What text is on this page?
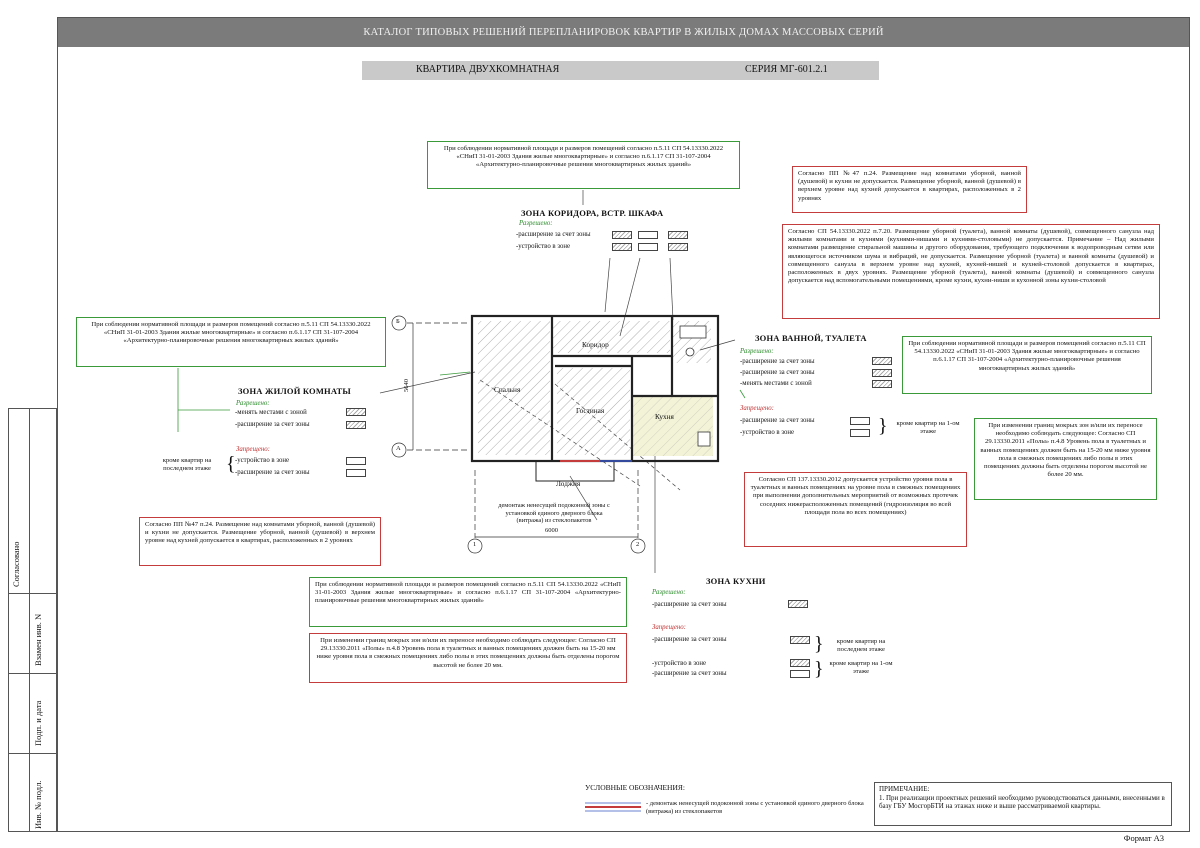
Согласовано
Взамен инв. N
Подп. и дата
Инв. № подл.
КАТАЛОГ ТИПОВЫХ РЕШЕНИЙ ПЕРЕПЛАНИРОВОК КВАРТИР В ЖИЛЫХ ДОМАХ МАССОВЫХ СЕРИЙ
КВАРТИРА ДВУХКОМНАТНАЯ	СЕРИЯ МГ-601.2.1
При соблюдении нормативной площади и размеров помещений согласно п.5.11 СП 54.13330.2022 «СНиП 31-01-2003 Здания жилые многоквартирные» и согласно п.6.1.17 СП 31-107-2004 «Архитектурно-планировочные решения многоквартирных жилых зданий»
Согласно ПП №47 п.24. Размещение над комнатами уборной, ванной (душевой) и кухни не допускается. Размещение уборной, ванной (душевой) в верхнем уровне над кухней допускается в квартирах, расположенных в 2 уровнях
Согласно СП 54.13330.2022 п.7.20. Размещение уборной (туалета), ванной комнаты (душевой), совмещенного санузла над жилыми комнатами и кухнями (кухнями-нишами и кухнями-столовыми) не допускается. Примечание – Над жилыми комнатами размещение стиральной машины и другого оборудования, требующего подключения к водопроводным сетям или являющегося источником шума и вибраций, не допускается. Размещение уборной (туалета) и ванной комнаты (душевой) и совмещенного санузла в верхнем уровне над кухней, кухней-нишей и кухней-столовой допускается в квартирах, расположенных в двух уровнях. Размещение уборной (туалета), ванной комнаты (душевой) и совмещенного санузла допускается над вспомогательными помещениями, кроме кухни, кухни-ниши и кухонной зоны кухни-столовой
При соблюдении нормативной площади и размеров помещений согласно п.5.11 СП 54.13330.2022 «СНиП 31-01-2003 Здания жилые многоквартирные» и согласно п.6.1.17 СП 31-107-2004 «Архитектурно-планировочные решения многоквартирных жилых зданий»	При соблюдении нормативной площади и размеров помещений согласно п.5.11 СП 54.13330.2022 «СНиП 31-01-2003 Здания жилые многоквартирные» и согласно п.6.1.17 СП 31-107-2004 «Архитектурно-планировочные решения многоквартирных жилых зданий»
При изменении границ мокрых зон и/или их переносе необходимо соблюдать следующее: Согласно СП 29.13330.2011 «Полы» п.4.8 Уровень пола в туалетных и ванных помещениях должен быть на 15-20 мм ниже уровня пола в смежных помещениях либо полы в этих помещениях должны быть отделены порогом высотой не более 20 мм.
Согласно СП 137.13330.2012 допускается устройство уровня пола в туалетных и ванных помещениях на уровне пола в смежных помещениях при выполнении дополнительных мероприятий от возможных протечек соседних нижерасположенных помещений (гидроизоляция во всей площади пола во всех помещениях)
Согласно ПП №47 п.24. Размещение над комнатами уборной, ванной (душевой) и кухни не допускается. Размещение уборной, ванной (душевой) в верхнем уровне над кухней допускается в квартирах, расположенных в 2 уровнях
При соблюдении нормативной площади и размеров помещений согласно п.5.11 СП 54.13330.2022 «СНиП 31-01-2003 Здания жилые многоквартирные» и согласно п.6.1.17 СП 31-107-2004 «Архитектурно-планировочные решения многоквартирных жилых зданий»
При изменении границ мокрых зон и/или их переносе необходимо соблюдать следующее: Согласно СП 29.13330.2011 «Полы» п.4.8 Уровень пола в туалетных и ванных помещениях должен быть на 15-20 мм ниже уровня пола в смежных помещениях либо полы в этих помещениях должны быть отделены порогом высотой не более 20 мм.
ЗОНА КОРИДОРА, ВСТР. ШКАФА
Разрешено:
-расширение за счет зоны
-устройство в зоне
ЗОНА ЖИЛОЙ КОМНАТЫ
Разрешено:
-менять местами с зоной
-расширение за счет зоны
Запрещено:
-устройство в зоне
-расширение за счет зоны
кроме квартир на последнем этаже {
ЗОНА ВАННОЙ, ТУАЛЕТА
Разрешено:
-расширение за счет зоны
-расширение за счет зоны
-менять местами с зоной
Запрещено:
-расширение за счет зоны
-устройство в зоне	} кроме квартир на 1-ом этаже
ЗОНА КУХНИ
Разрешено:
-расширение за счет зоны
Запрещено:
-расширение за счет зоны
-устройство в зоне
-расширение за счет зоны
}
}
кроме квартир на последнем этаже
кроме квартир на 1-ом этаже
Спальня
Гостиная
Коридор
Кухня
Лоджия
6000
5640
Б
А
1	2
демонтаж ненесущей подоконной зоны с установкой единого дверного блока (витража) из стеклопакетов
УСЛОВНЫЕ ОБОЗНАЧЕНИЯ:
- демонтаж ненесущей подоконной зоны с установкой единого дверного блока (витража) из стеклопакетов
ПРИМЕЧАНИЕ:
1. При реализации проектных решений необходимо руководствоваться данными, внесенными в базу ГБУ МосгорБТИ на этажах ниже и выше рассматриваемой квартиры.
Формат А3
